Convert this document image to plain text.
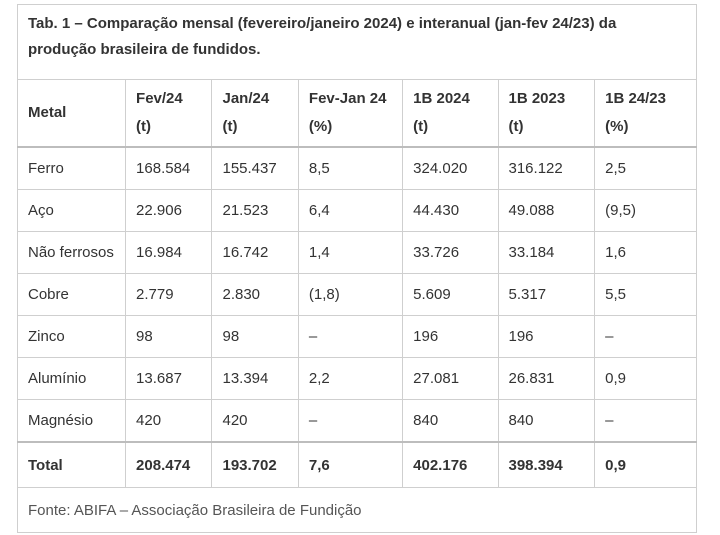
Tab. 1 – Comparação mensal (fevereiro/janeiro 2024) e interanual (jan-fev 24/23) da produção brasileira de fundidos.						
Metal	Fev/24 (t)	Jan/24 (t)	Fev-Jan 24 (%)	1B 2024 (t)	1B 2023 (t)	1B 24/23 (%)
Ferro	168.584	155.437	8,5	324.020	316.122	2,5
Aço	22.906	21.523	6,4	44.430	49.088	(9,5)
Não ferrosos	16.984	16.742	1,4	33.726	33.184	1,6
Cobre	2.779	2.830	(1,8)	5.609	5.317	5,5
Zinco	98	98	–	196	196	–
Alumínio	13.687	13.394	2,2	27.081	26.831	0,9
Magnésio	420	420	–	840	840	–
Total	208.474	193.702	7,6	402.176	398.394	0,9
Fonte: ABIFA – Associação Brasileira de Fundição						
